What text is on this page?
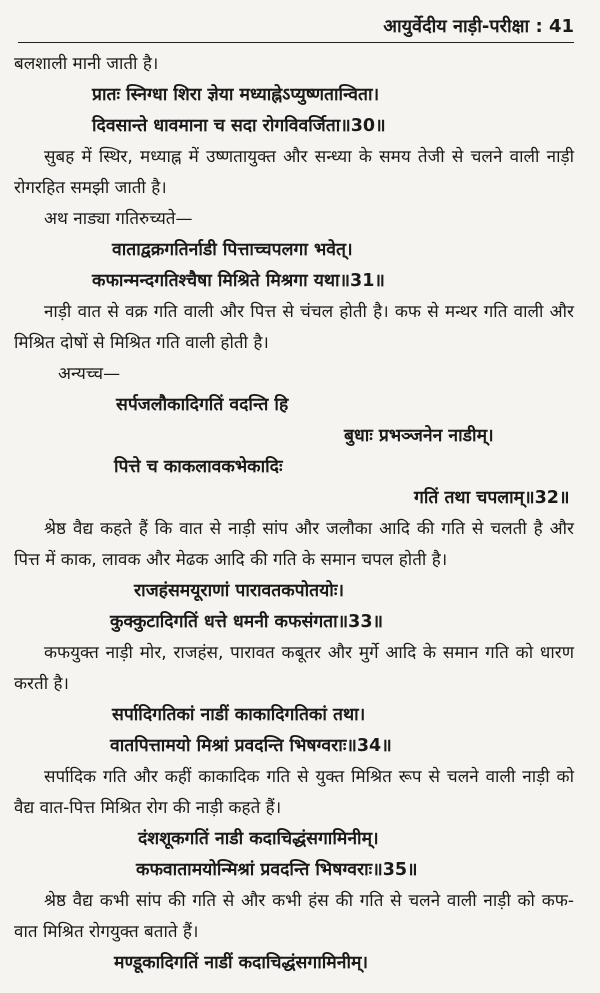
आयुर्वेदीय नाड़ी-परीक्षा : 41

बलशाली मानी जाती है।

प्रातः स्निग्धा शिरा ज्ञेया मध्याह्नेऽप्युष्णतान्विता।

दिवसान्ते धावमाना च सदा रोगविवर्जिता॥30॥

सुबह में स्थिर, मध्याह्न में उष्णतायुक्त और सन्ध्या के समय तेजी से चलने वाली नाड़ी रोगरहित समझी जाती है।

अथ नाड्या गतिरुच्यते—

वाताद्वक्रगतिर्नाडी पित्ताच्चपलगा भवेत्।

कफान्मन्दगतिश्चैषा मिश्रिते मिश्रगा यथा॥31॥

नाड़ी वात से वक्र गति वाली और पित्त से चंचल होती है। कफ से मन्थर गति वाली और मिश्रित दोषों से मिश्रित गति वाली होती है।

अन्यच्च—

सर्पजलौकादिगतिं वदन्ति हि

बुधाः प्रभञ्जनेन नाडीम्।

पित्ते च काकलावकभेकादिः

गतिं तथा चपलाम्॥32॥

श्रेष्ठ वैद्य कहते हैं कि वात से नाड़ी सांप और जलौका आदि की गति से चलती है और पित्त में काक, लावक और मेढक आदि की गति के समान चपल होती है।

राजहंसमयूराणां पारावतकपोतयोः।

कुक्कुटादिगतिं धत्ते धमनी कफसंगता॥33॥

कफयुक्त नाड़ी मोर, राजहंस, पारावत कबूतर और मुर्गे आदि के समान गति को धारण करती है।

सर्पादिगतिकां नाडीं काकादिगतिकां तथा।

वातपित्तामयो मिश्रां प्रवदन्ति भिषग्वराः॥34॥

सर्पादिक गति और कहीं काकादिक गति से युक्त मिश्रित रूप से चलने वाली नाड़ी को वैद्य वात-पित्त मिश्रित रोग की नाड़ी कहते हैं।

दंशशूकगतिं नाडी कदाचिद्धंसगामिनीम्।

कफवातामयोन्मिश्रां प्रवदन्ति भिषग्वराः॥35॥

श्रेष्ठ वैद्य कभी सांप की गति से और कभी हंस की गति से चलने वाली नाड़ी को कफ-वात मिश्रित रोगयुक्त बताते हैं।

मण्डूकादिगतिं नाडीं कदाचिद्धंसगामिनीम्।
